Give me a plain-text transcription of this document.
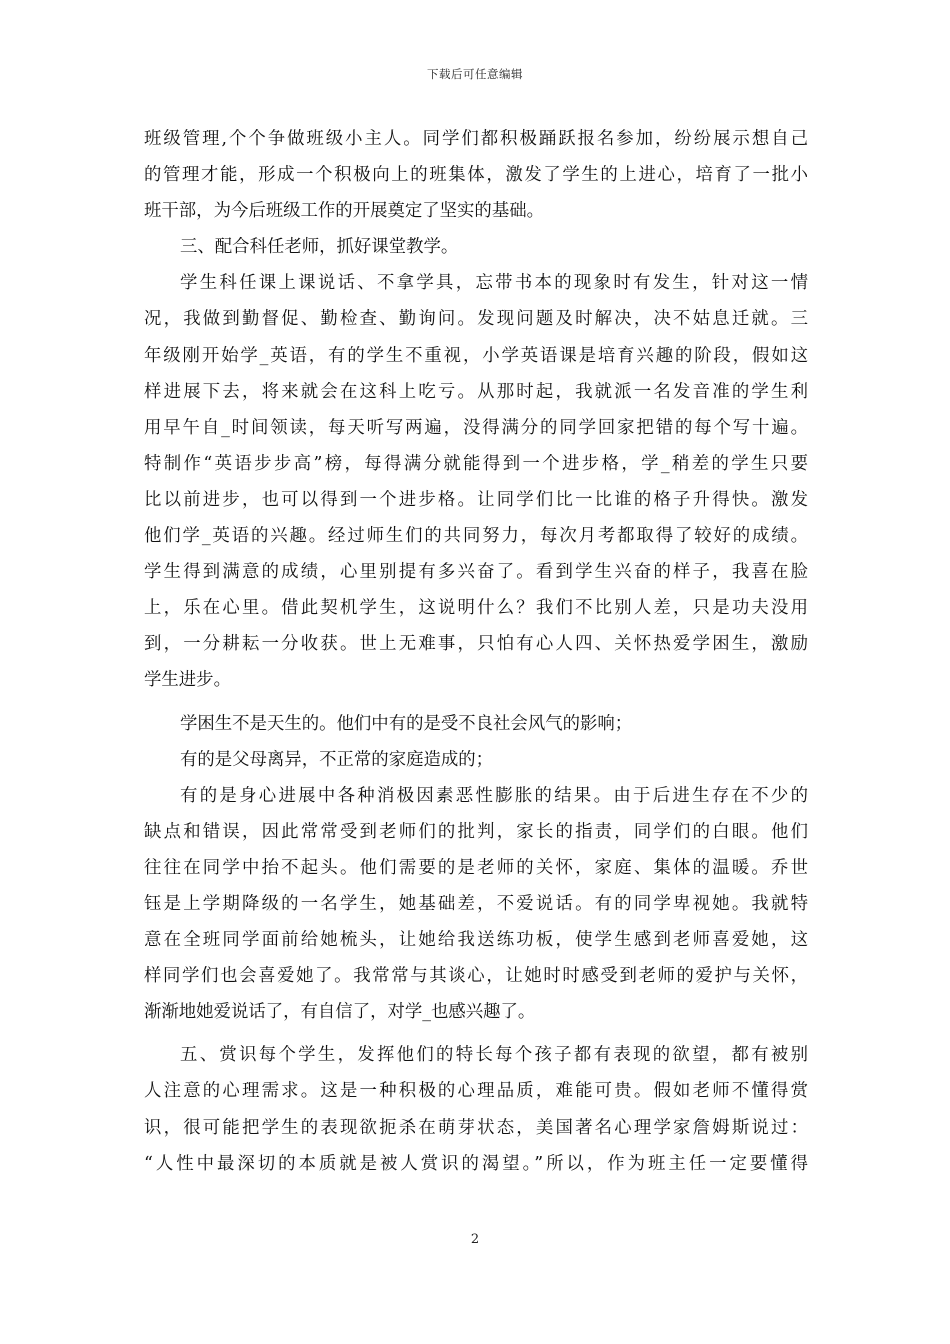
下载后可任意编辑
班级管理,个个争做班级小主人。同学们都积极踊跃报名参加，纷纷展示想自己
的管理才能，形成一个积极向上的班集体，激发了学生的上进心，培育了一批小
班干部，为今后班级工作的开展奠定了坚实的基础。
三、配合科任老师，抓好课堂教学。
学生科任课上课说话、不拿学具，忘带书本的现象时有发生，针对这一情
况，我做到勤督促、勤检查、勤询问。发现问题及时解决，决不姑息迁就。三
年级刚开始学_英语，有的学生不重视，小学英语课是培育兴趣的阶段，假如这
样进展下去，将来就会在这科上吃亏。从那时起，我就派一名发音准的学生利
用早午自_时间领读，每天听写两遍，没得满分的同学回家把错的每个写十遍。
特制作“英语步步高”榜，每得满分就能得到一个进步格，学_稍差的学生只要
比以前进步，也可以得到一个进步格。让同学们比一比谁的格子升得快。激发
他们学_英语的兴趣。经过师生们的共同努力，每次月考都取得了较好的成绩。
学生得到满意的成绩，心里别提有多兴奋了。看到学生兴奋的样子，我喜在脸
上，乐在心里。借此契机学生，这说明什么？我们不比别人差，只是功夫没用
到，一分耕耘一分收获。世上无难事，只怕有心人四、关怀热爱学困生，激励
学生进步。
学困生不是天生的。他们中有的是受不良社会风气的影响；
有的是父母离异，不正常的家庭造成的；
有的是身心进展中各种消极因素恶性膨胀的结果。由于后进生存在不少的
缺点和错误，因此常常受到老师们的批判，家长的指责，同学们的白眼。他们
往往在同学中抬不起头。他们需要的是老师的关怀，家庭、集体的温暖。乔世
钰是上学期降级的一名学生，她基础差，不爱说话。有的同学卑视她。我就特
意在全班同学面前给她梳头，让她给我送练功板，使学生感到老师喜爱她，这
样同学们也会喜爱她了。我常常与其谈心，让她时时感受到老师的爱护与关怀，
渐渐地她爱说话了，有自信了，对学_也感兴趣了。
五、赏识每个学生，发挥他们的特长每个孩子都有表现的欲望，都有被别
人注意的心理需求。这是一种积极的心理品质，难能可贵。假如老师不懂得赏
识，很可能把学生的表现欲扼杀在萌芽状态，美国著名心理学家詹姆斯说过：
“人性中最深切的本质就是被人赏识的渴望。”所以，作为班主任一定要懂得
2
